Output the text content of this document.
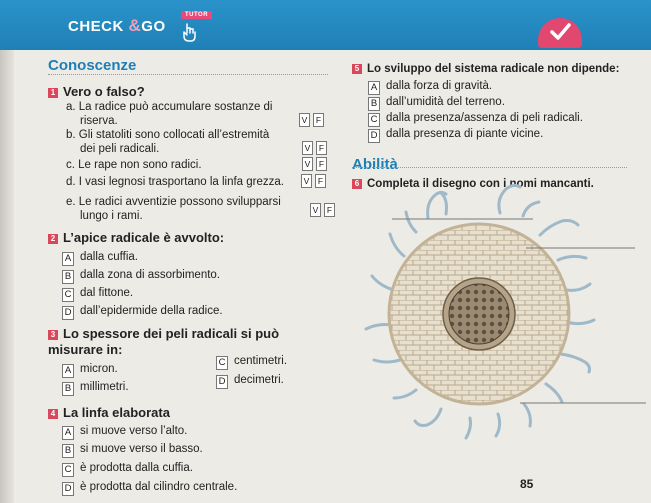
CHECK &GO
TUTOR
Conoscenze
1 Vero o falso?
a. La radice può accumulare sostanze di
riserva.	V	F
b. Gli statoliti sono collocati all’estremità
dei peli radicali.	V	F
c. Le rape non sono radici.	V	F
d. I vasi legnosi trasportano la linfa grezza.	V	F
e. Le radici avventizie possono svilupparsi
lungo i rami.	V	F
2 L’apice radicale è avvolto:
A dalla cuffia.
B dalla zona di assorbimento.
C dal fittone.
D dall’epidermide della radice.
3 Lo spessore dei peli radicali si può
misurare in:
A micron.
B millimetri.
C centimetri.
D decimetri.
4 La linfa elaborata
A si muove verso l’alto.
B si muove verso il basso.
C è prodotta dalla cuffia.
D è prodotta dal cilindro centrale.
5 Lo sviluppo del sistema radicale non dipende:
A dalla forza di gravità.
B dall’umidità del terreno.
C dalla presenza/assenza di peli radicali.
D dalla presenza di piante vicine.
Abilità
6 Completa il disegno con i nomi mancanti.
85
